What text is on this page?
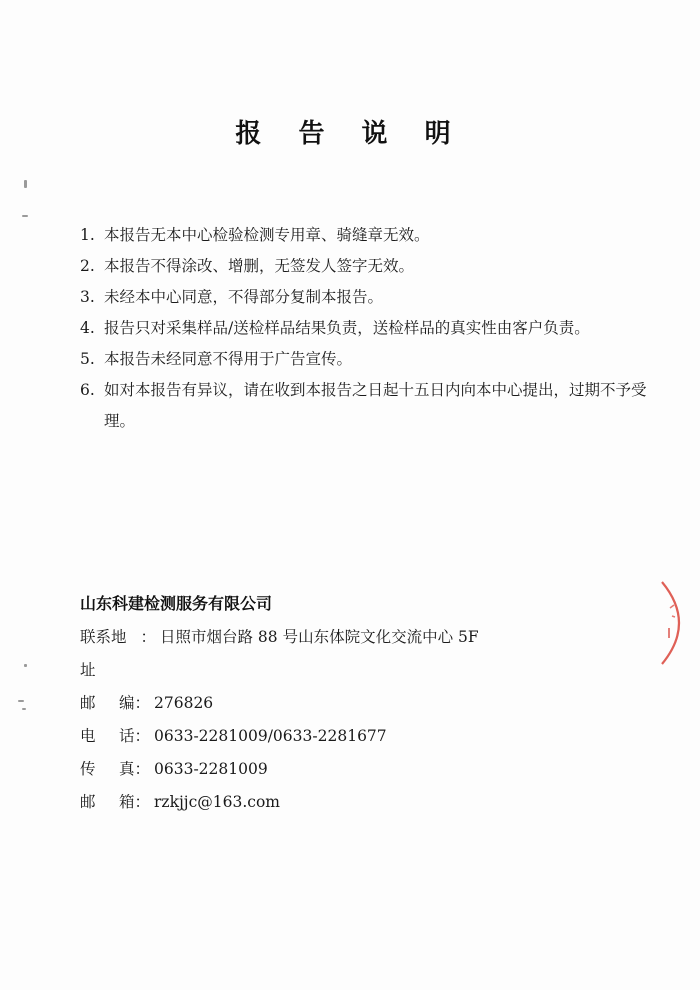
报 告 说 明
1. 本报告无本中心检验检测专用章、骑缝章无效。
2. 本报告不得涂改、增删，无签发人签字无效。
3. 未经本中心同意，不得部分复制本报告。
4. 报告只对采集样品/送检样品结果负责，送检样品的真实性由客户负责。
5. 本报告未经同意不得用于广告宣传。
6. 如对本报告有异议，请在收到本报告之日起十五日内向本中心提出，过期不予受理。
山东科建检测服务有限公司
联系地址
： 日照市烟台路 88 号山东体院文化交流中心 5F
邮 编： 276826
电 话： 0633-2281009/0633-2281677
传 真： 0633-2281009
邮 箱： rzkjjc@163.com
